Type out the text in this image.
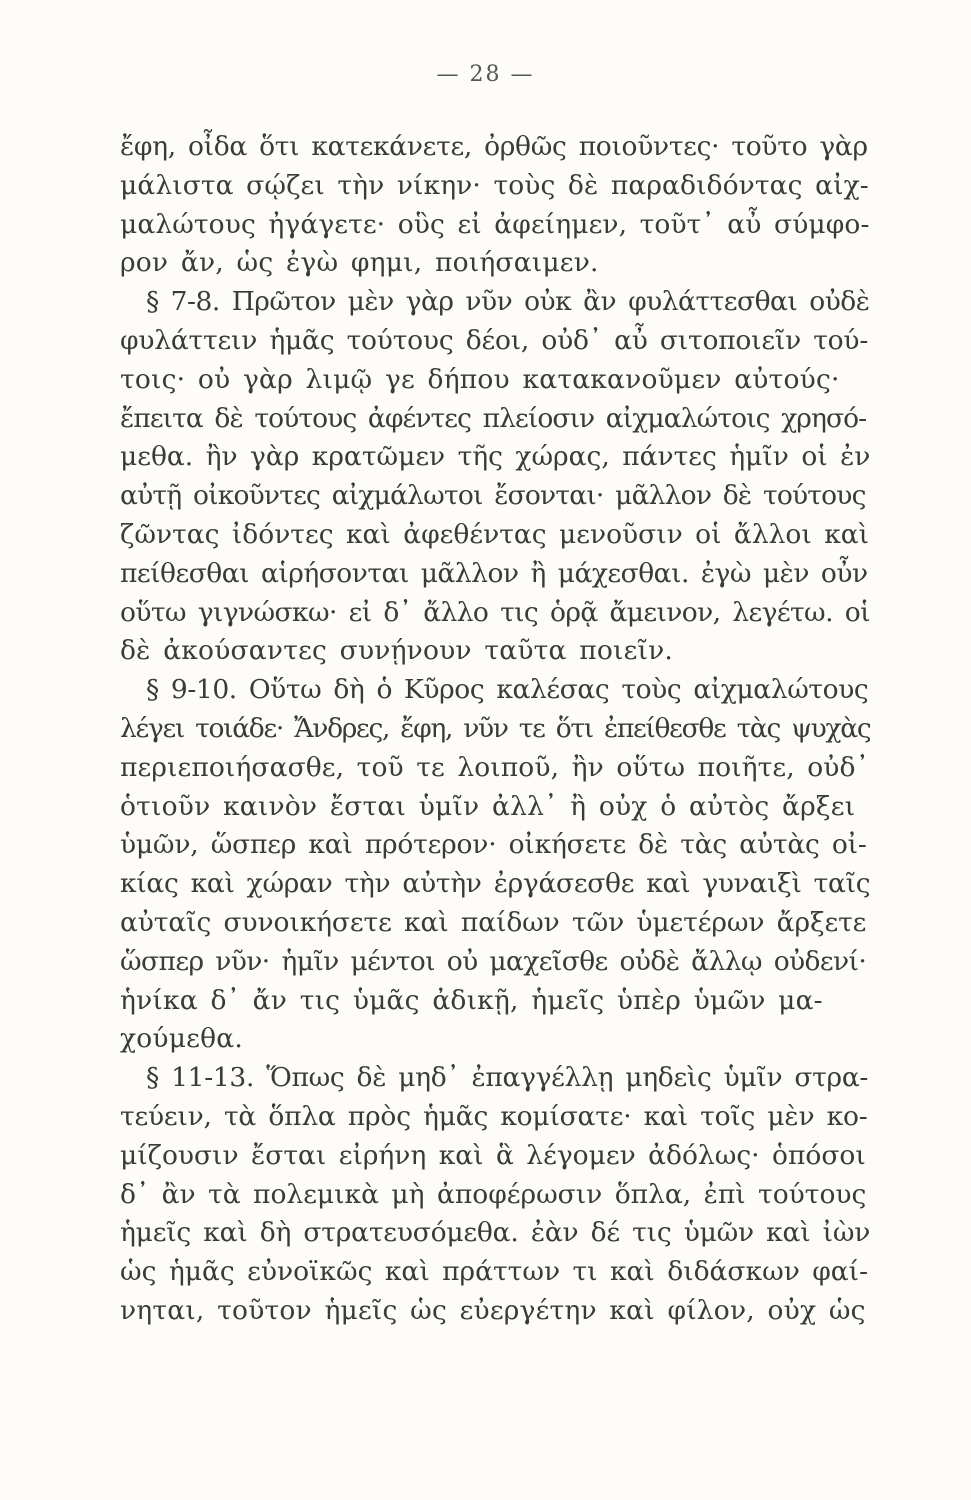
— 28 —
ἔφη, οἶδα ὅτι κατεκάνετε, ὀρθῶς ποιοῦντες· τοῦτο γὰρ
μάλιστα σῴζει τὴν νίκην· τοὺς δὲ παραδιδόντας αἰχ-
μαλώτους ἠγάγετε· οὓς εἰ ἀφείημεν, τοῦτ᾽ αὖ σύμφο-
ρον ἄν, ὡς ἐγὼ φημι, ποιήσαιμεν.
§ 7-8. Πρῶτον μὲν γὰρ νῦν οὐκ ἂν φυλάττεσθαι οὐδὲ
φυλάττειν ἡμᾶς τούτους δέοι, οὐδ᾽ αὖ σιτοποιεῖν τού-
τοις· οὐ γὰρ λιμῷ γε δήπου κατακανοῦμεν αὐτούς·
ἔπειτα δὲ τούτους ἀφέντες πλείοσιν αἰχμαλώτοις χρησό-
μεθα. ἢν γὰρ κρατῶμεν τῆς χώρας, πάντες ἡμῖν οἱ ἐν
αὐτῇ οἰκοῦντες αἰχμάλωτοι ἔσονται· μᾶλλον δὲ τούτους
ζῶντας ἰδόντες καὶ ἀφεθέντας μενοῦσιν οἱ ἄλλοι καὶ
πείθεσθαι αἱρήσονται μᾶλλον ἢ μάχεσθαι. ἐγὼ μὲν οὖν
οὕτω γιγνώσκω· εἰ δ᾽ ἄλλο τις ὁρᾷ ἄμεινον, λεγέτω. οἱ
δὲ ἀκούσαντες συνῄνουν ταῦτα ποιεῖν.
§ 9-10. Οὕτω δὴ ὁ Κῦρος καλέσας τοὺς αἰχμαλώτους
λέγει τοιάδε· Ἄνδρες, ἔφη, νῦν τε ὅτι ἐπείθεσθε τὰς ψυχὰς
περιεποιήσασθε, τοῦ τε λοιποῦ, ἢν οὕτω ποιῆτε, οὐδ᾽
ὁτιοῦν καινὸν ἔσται ὑμῖν ἀλλ᾽ ἢ οὐχ ὁ αὐτὸς ἄρξει
ὑμῶν, ὥσπερ καὶ πρότερον· οἰκήσετε δὲ τὰς αὐτὰς οἰ-
κίας καὶ χώραν τὴν αὐτὴν ἐργάσεσθε καὶ γυναιξὶ ταῖς
αὐταῖς συνοικήσετε καὶ παίδων τῶν ὑμετέρων ἄρξετε
ὥσπερ νῦν· ἡμῖν μέντοι οὐ μαχεῖσθε οὐδὲ ἄλλῳ οὐδενί·
ἡνίκα δ᾽ ἄν τις ὑμᾶς ἀδικῇ, ἡμεῖς ὑπὲρ ὑμῶν μα-
χούμεθα.
§ 11-13. Ὅπως δὲ μηδ᾽ ἐπαγγέλλῃ μηδεὶς ὑμῖν στρα-
τεύειν, τὰ ὅπλα πρὸς ἡμᾶς κομίσατε· καὶ τοῖς μὲν κο-
μίζουσιν ἔσται εἰρήνη καὶ ἃ λέγομεν ἀδόλως· ὁπόσοι
δ᾽ ἂν τὰ πολεμικὰ μὴ ἀποφέρωσιν ὅπλα, ἐπὶ τούτους
ἡμεῖς καὶ δὴ στρατευσόμεθα. ἐὰν δέ τις ὑμῶν καὶ ἰὼν
ὡς ἡμᾶς εὐνοϊκῶς καὶ πράττων τι καὶ διδάσκων φαί-
νηται, τοῦτον ἡμεῖς ὡς εὐεργέτην καὶ φίλον, οὐχ ὡς
